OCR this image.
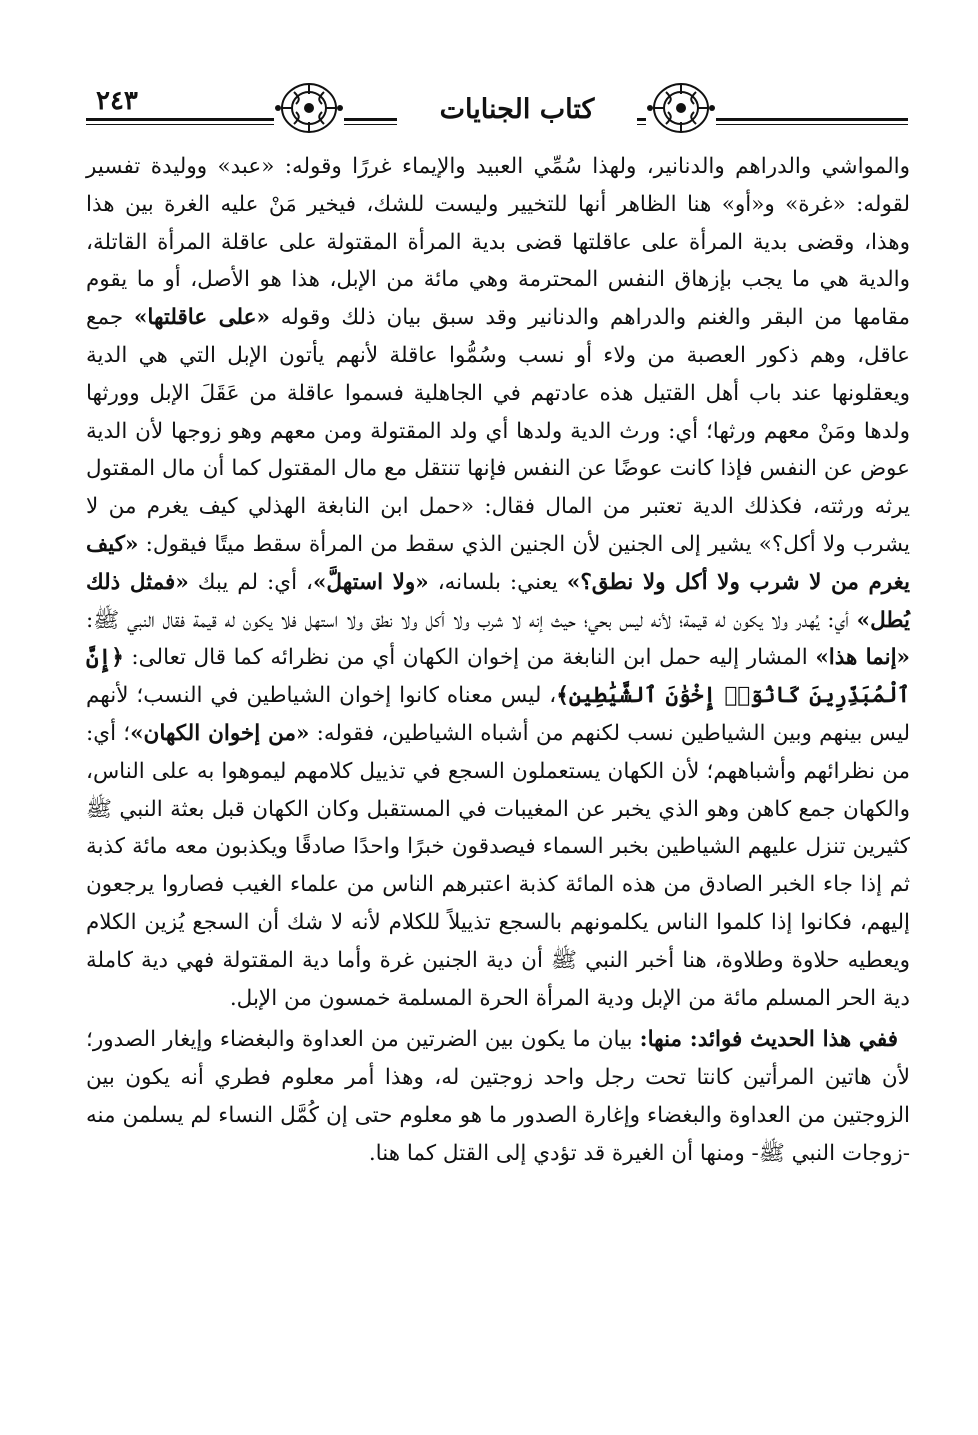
٢٤٣	كتاب الجنايات

والمواشي والدراهم والدنانير، ولهذا سُمِّي العبيد والإيماء غررًا وقوله: «عبد» ووليدة تفسير لقوله: «غرة» و«أو» هنا الظاهر أنها للتخيير وليست للشك، فيخير مَنْ عليه الغرة بين هذا وهذا، وقضى بدية المرأة على عاقلتها قضى بدية المرأة المقتولة على عاقلة المرأة القاتلة، والدية هي ما يجب بإزهاق النفس المحترمة وهي مائة من الإبل، هذا هو الأصل، أو ما يقوم مقامها من البقر والغنم والدراهم والدنانير وقد سبق بيان ذلك وقوله «على عاقلتها» جمع عاقل، وهم ذكور العصبة من ولاء أو نسب وسُمُّوا عاقلة لأنهم يأتون الإبل التي هي الدية ويعقلونها عند باب أهل القتيل هذه عادتهم في الجاهلية فسموا عاقلة من عَقَلَ الإبل وورثها ولدها ومَنْ معهم ورثها؛ أي: ورث الدية ولدها أي ولد المقتولة ومن معهم وهو زوجها لأن الدية عوض عن النفس فإذا كانت عوضًا عن النفس فإنها تنتقل مع مال المقتول كما أن مال المقتول يرثه ورثته، فكذلك الدية تعتبر من المال فقال: «حمل ابن النابغة الهذلي كيف يغرم من لا يشرب ولا أكل؟» يشير إلى الجنين لأن الجنين الذي سقط من المرأة سقط ميتًا فيقول: «كيف يغرم من لا شرب ولا أكل ولا نطق؟» يعني: بلسانه، «ولا استهلَّ»، أي: لم يبك «فمثل ذلك يُطل» أي: يُهدر ولا يكون له قيمة؛ لأنه ليس بحي؛ حيث إنه لا شرب ولا أكل ولا نطق ولا استهل فلا يكون له قيمة فقال النبي ﷺ: «إنما هذا» المشار إليه حمل ابن النابغة من إخوان الكهان أي من نظرائه كما قال تعالى: ﴿إِنَّ ٱلْمُبَذِّرِينَ كَانُوٓا۟ إِخْوَٰنَ ٱلشَّيَٰطِينِ﴾، ليس معناه كانوا إخوان الشياطين في النسب؛ لأنهم ليس بينهم وبين الشياطين نسب لكنهم من أشباه الشياطين، فقوله: «من إخوان الكهان»؛ أي: من نظرائهم وأشباههم؛ لأن الكهان يستعملون السجع في تذييل كلامهم ليموهوا به على الناس، والكهان جمع كاهن وهو الذي يخبر عن المغيبات في المستقبل وكان الكهان قبل بعثة النبي ﷺ كثيرين تنزل عليهم الشياطين بخبر السماء فيصدقون خبرًا واحدًا صادقًا ويكذبون معه مائة كذبة ثم إذا جاء الخبر الصادق من هذه المائة كذبة اعتبرهم الناس من علماء الغيب فصاروا يرجعون إليهم، فكانوا إذا كلموا الناس يكلمونهم بالسجع تذييلاً للكلام لأنه لا شك أن السجع يُزين الكلام ويعطيه حلاوة وطلاوة، هنا أخبر النبي ﷺ أن دية الجنين غرة وأما دية المقتولة فهي دية كاملة دية الحر المسلم مائة من الإبل ودية المرأة الحرة المسلمة خمسون من الإبل.

ففي هذا الحديث فوائد: منها: بيان ما يكون بين الضرتين من العداوة والبغضاء وإيغار الصدور؛ لأن هاتين المرأتين كانتا تحت رجل واحد زوجتين له، وهذا أمر معلوم فطري أنه يكون بين الزوجتين من العداوة والبغضاء وإغارة الصدور ما هو معلوم حتى إن كُمَّل النساء لم يسلمن منه -زوجات النبي ﷺ- ومنها أن الغيرة قد تؤدي إلى القتل كما هنا.
